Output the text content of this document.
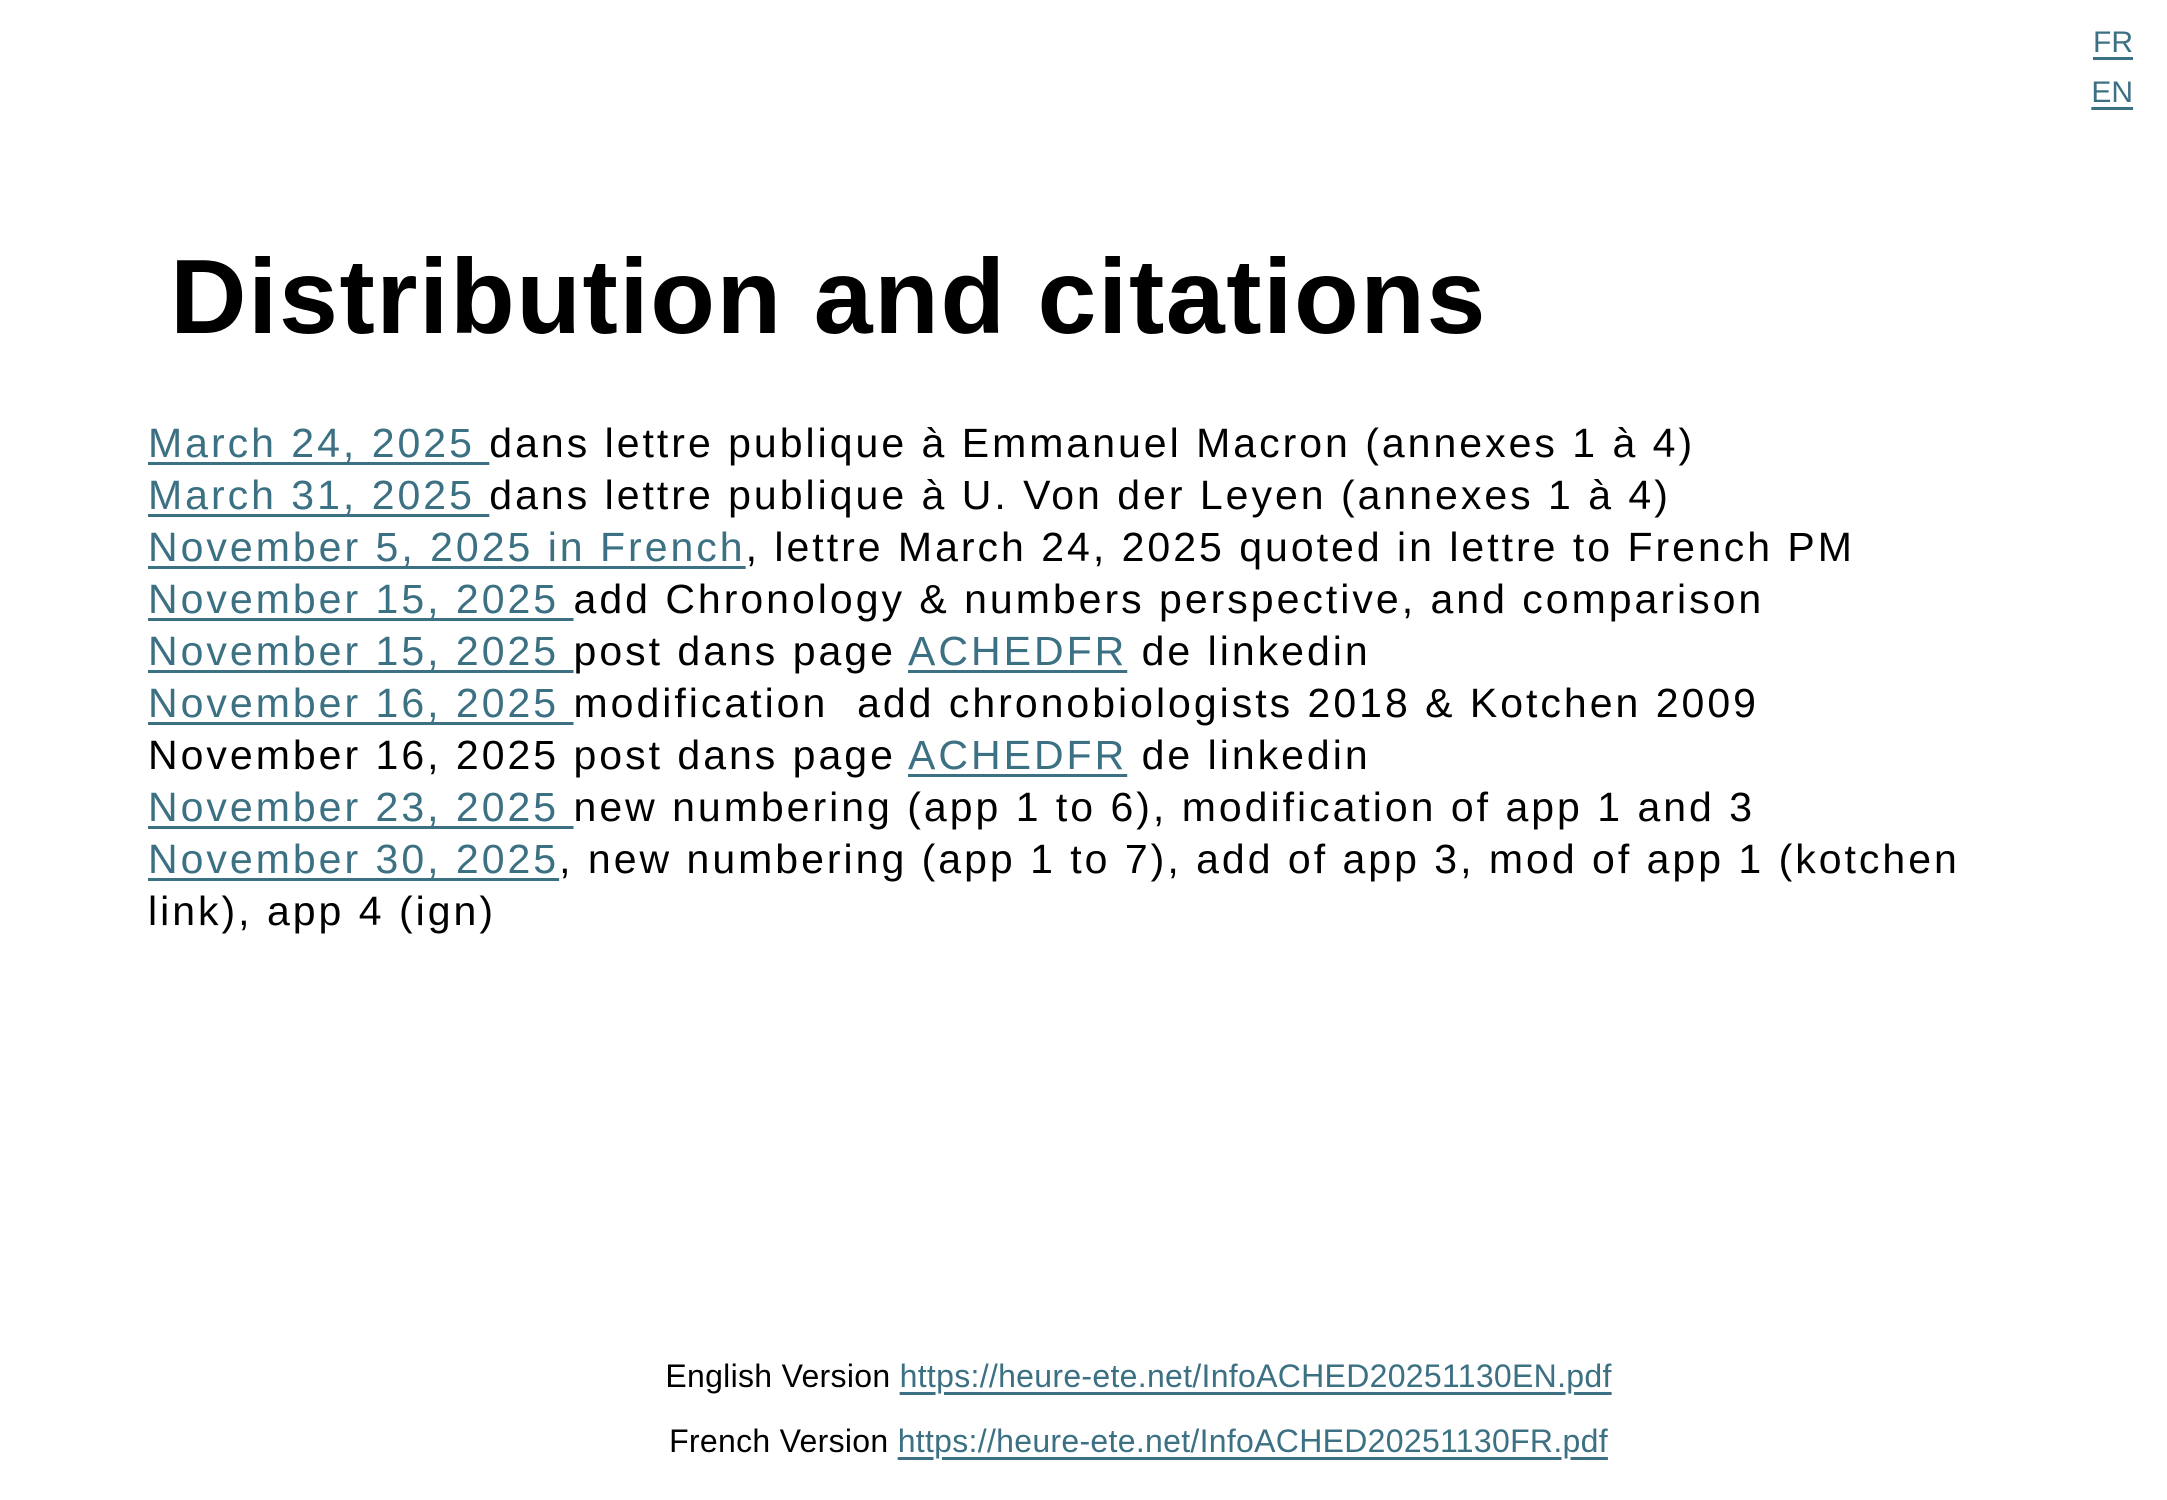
FR
EN
Distribution and citations
March 24, 2025 dans lettre publique à Emmanuel Macron (annexes 1 à 4)
March 31, 2025 dans lettre publique à U. Von der Leyen (annexes 1 à 4)
November 5, 2025 in French, lettre March 24, 2025 quoted in lettre to French PM
November 15, 2025 add Chronology & numbers perspective, and comparison
November 15, 2025 post dans page ACHEDFR de linkedin
November 16, 2025 modification  add chronobiologists 2018 & Kotchen 2009
November 16, 2025 post dans page ACHEDFR de linkedin
November 23, 2025 new numbering (app 1 to 6), modification of app 1 and 3
November 30, 2025, new numbering (app 1 to 7), add of app 3, mod of app 1 (kotchen
link), app 4 (ign)
English Version https://heure-ete.net/InfoACHED20251130EN.pdf
French Version https://heure-ete.net/InfoACHED20251130FR.pdf
